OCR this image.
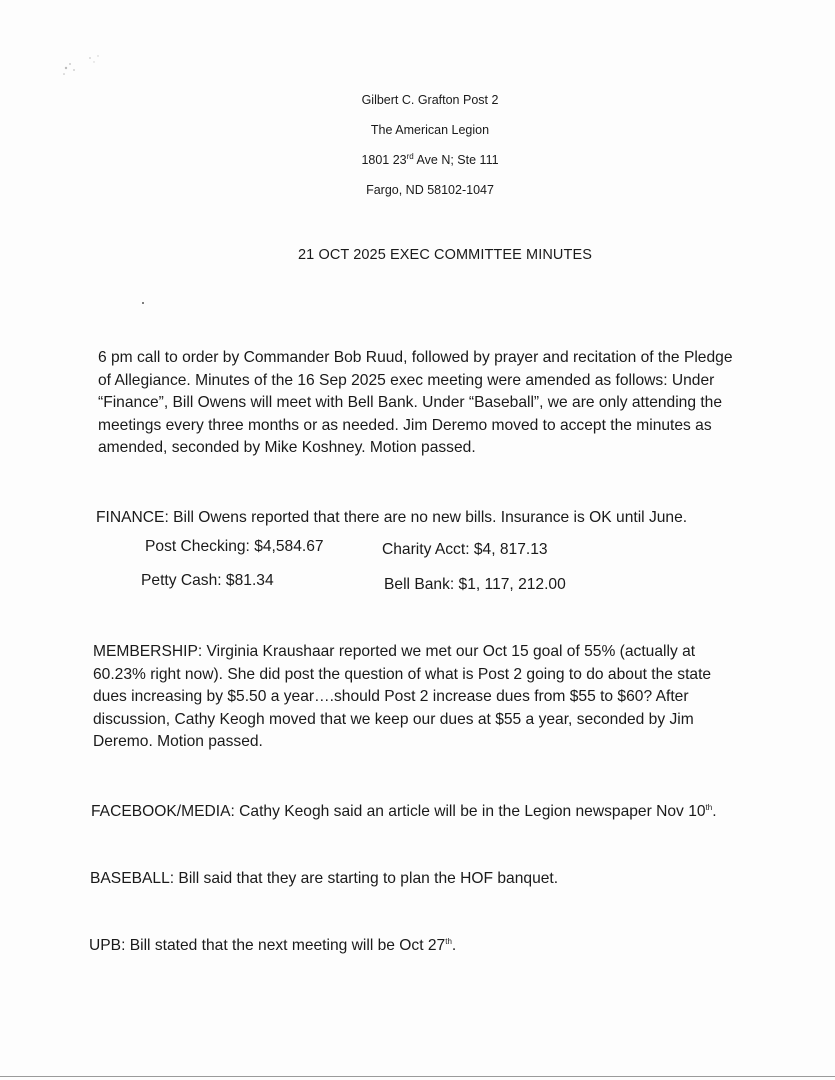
Gilbert C. Grafton Post 2
The American Legion
1801 23rd Ave N; Ste 111
Fargo, ND 58102-1047
21 OCT 2025 EXEC COMMITTEE MINUTES
6 pm call to order by Commander Bob Ruud, followed by prayer and recitation of the Pledge
of Allegiance. Minutes of the 16 Sep 2025 exec meeting were amended as follows: Under
“Finance”, Bill Owens will meet with Bell Bank. Under “Baseball”, we are only attending the
meetings every three months or as needed. Jim Deremo moved to accept the minutes as
amended, seconded by Mike Koshney. Motion passed.
FINANCE: Bill Owens reported that there are no new bills. Insurance is OK until June.
Post Checking: $4,584.67	Charity Acct: $4, 817.13
Petty Cash: $81.34	Bell Bank: $1, 117, 212.00
MEMBERSHIP: Virginia Kraushaar reported we met our Oct 15 goal of 55% (actually at
60.23% right now). She did post the question of what is Post 2 going to do about the state
dues increasing by $5.50 a year….should Post 2 increase dues from $55 to $60? After
discussion, Cathy Keogh moved that we keep our dues at $55 a year, seconded by Jim
Deremo. Motion passed.
FACEBOOK/MEDIA: Cathy Keogh said an article will be in the Legion newspaper Nov 10th.
BASEBALL: Bill said that they are starting to plan the HOF banquet.
UPB: Bill stated that the next meeting will be Oct 27th.
